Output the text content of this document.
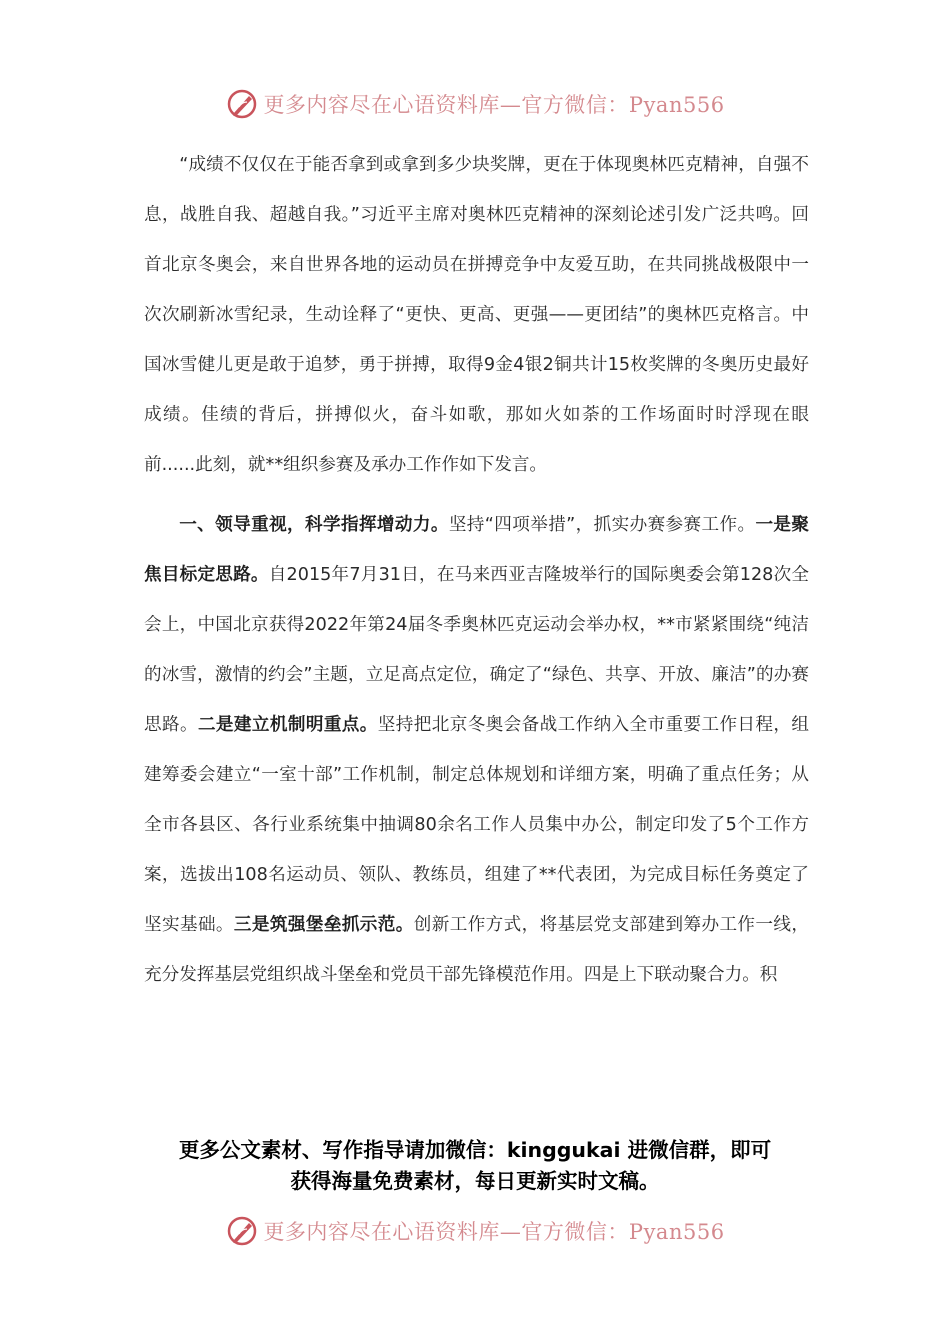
更多内容尽在心语资料库—官方微信：Pyan556

“成绩不仅仅在于能否拿到或拿到多少块奖牌，更在于体现奥林匹克精神，自强不息，战胜自我、超越自我。”习近平主席对奥林匹克精神的深刻论述引发广泛共鸣。回首北京冬奥会，来自世界各地的运动员在拼搏竞争中友爱互助，在共同挑战极限中一次次刷新冰雪纪录，生动诠释了“更快、更高、更强——更团结”的奥林匹克格言。中国冰雪健儿更是敢于追梦，勇于拼搏，取得9金4银2铜共计15枚奖牌的冬奥历史最好成绩。佳绩的背后，拼搏似火，奋斗如歌，那如火如荼的工作场面时时浮现在眼前......此刻，就**组织参赛及承办工作作如下发言。

一、领导重视，科学指挥增动力。坚持“四项举措”，抓实办赛参赛工作。一是聚焦目标定思路。自2015年7月31日，在马来西亚吉隆坡举行的国际奥委会第128次全会上，中国北京获得2022年第24届冬季奥林匹克运动会举办权，**市紧紧围绕“纯洁的冰雪，激情的约会”主题，立足高点定位，确定了“绿色、共享、开放、廉洁”的办赛思路。二是建立机制明重点。坚持把北京冬奥会备战工作纳入全市重要工作日程，组建筹委会建立“一室十部”工作机制，制定总体规划和详细方案，明确了重点任务；从全市各县区、各行业系统集中抽调80余名工作人员集中办公，制定印发了5个工作方案，选拔出108名运动员、领队、教练员，组建了**代表团，为完成目标任务奠定了坚实基础。三是筑强堡垒抓示范。创新工作方式，将基层党支部建到筹办工作一线，充分发挥基层党组织战斗堡垒和党员干部先锋模范作用。四是上下联动聚合力。积

更多公文素材、写作指导请加微信：kinggukai 进微信群，即可
获得海量免费素材，每日更新实时文稿。
更多内容尽在心语资料库—官方微信：Pyan556
